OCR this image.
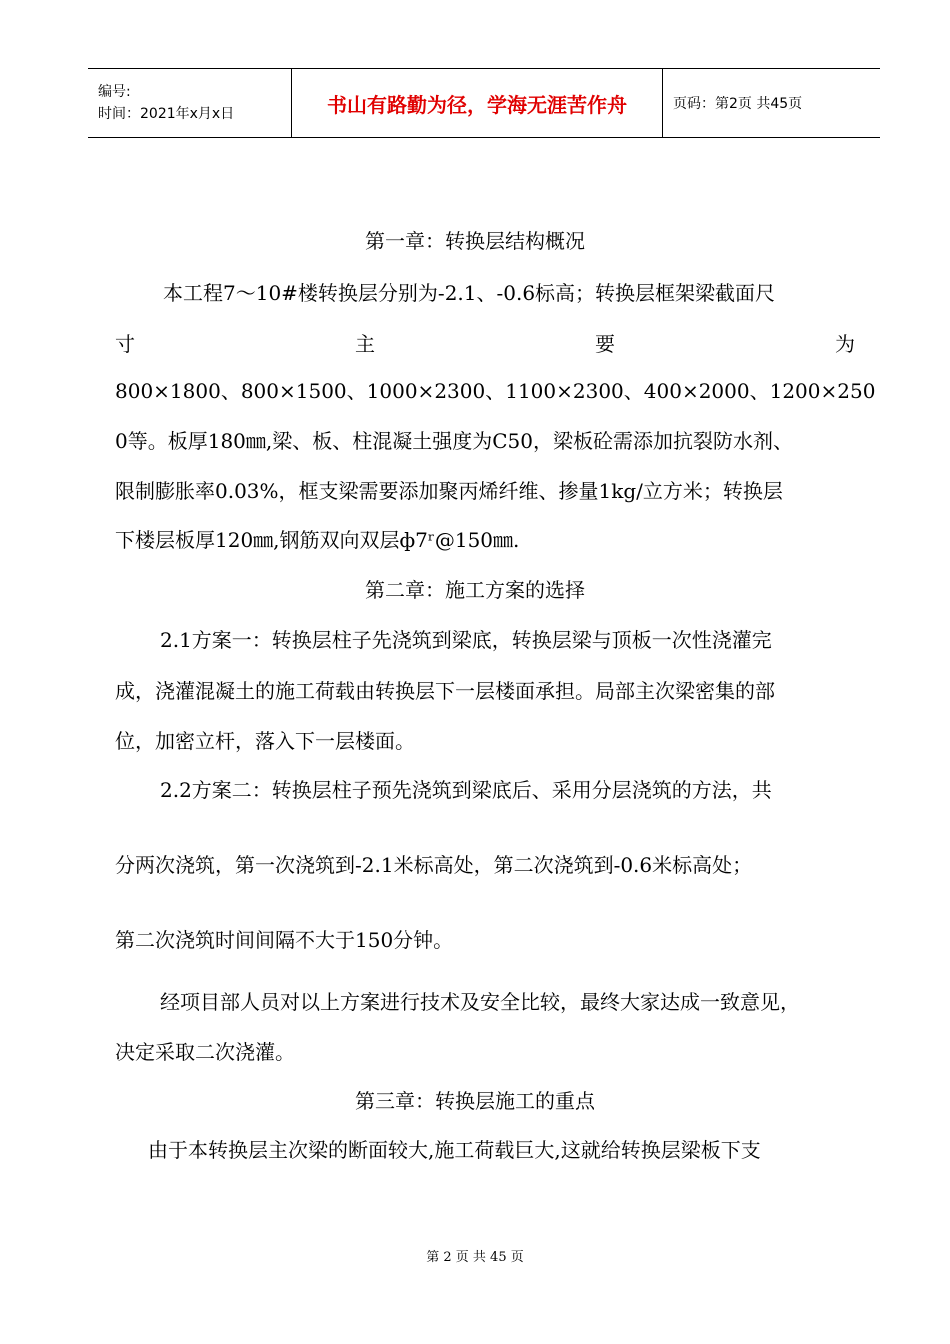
编号:
时间：2021年x月x日	书山有路勤为径，学海无涯苦作舟	页码：第2页 共45页
第一章：转换层结构概况
本工程7～10#楼转换层分别为-2.1、-0.6标高；转换层框架梁截面尺
寸	主	要	为
800×1800、800×1500、1000×2300、1100×2300、400×2000、1200×250
0等。板厚180㎜,梁、板、柱混凝土强度为C50，梁板砼需添加抗裂防水剂、
限制膨胀率0.03%，框支梁需要添加聚丙烯纤维、掺量1kg/立方米；转换层
下楼层板厚120㎜,钢筋双向双层ф7ʳ@150㎜.
第二章：施工方案的选择
2.1方案一：转换层柱子先浇筑到梁底，转换层梁与顶板一次性浇灌完
成，浇灌混凝土的施工荷载由转换层下一层楼面承担。局部主次梁密集的部
位，加密立杆，落入下一层楼面。
2.2方案二：转换层柱子预先浇筑到梁底后、采用分层浇筑的方法，共
分两次浇筑，第一次浇筑到-2.1米标高处，第二次浇筑到-0.6米标高处；
第二次浇筑时间间隔不大于150分钟。
经项目部人员对以上方案进行技术及安全比较，最终大家达成一致意见，
决定采取二次浇灌。
第三章：转换层施工的重点
由于本转换层主次梁的断面较大,施工荷载巨大,这就给转换层梁板下支
第 2 页 共 45 页
